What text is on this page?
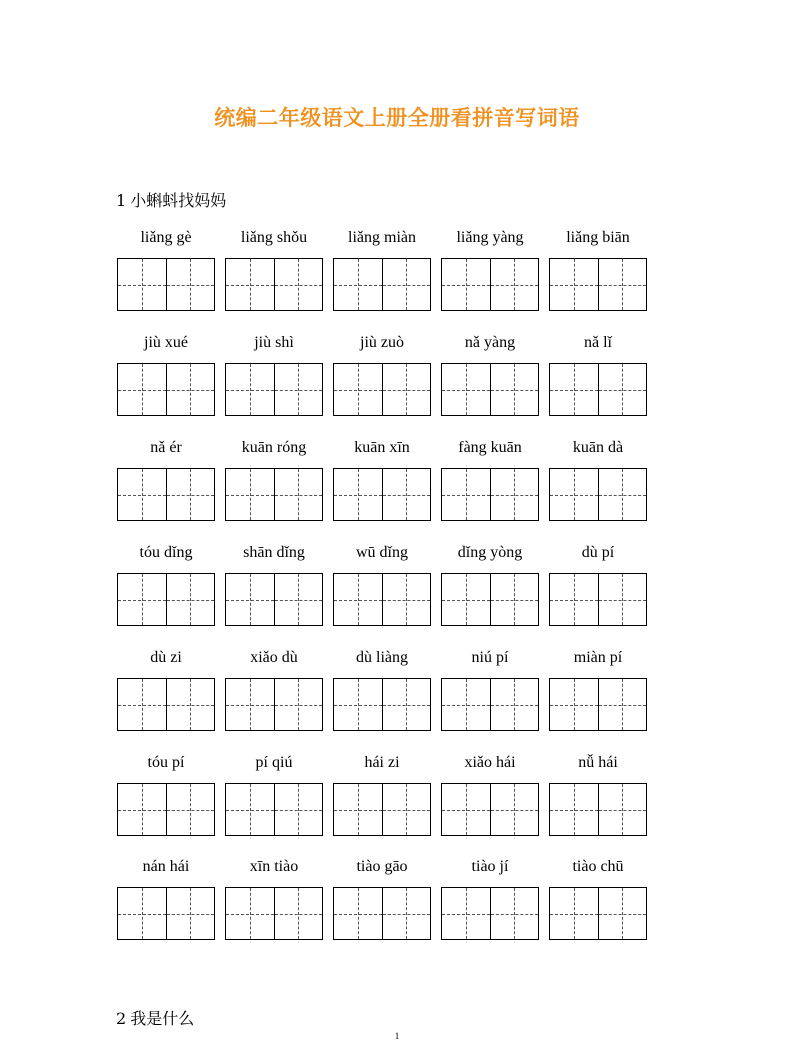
统编二年级语文上册全册看拼音写词语
1 小蝌蚪找妈妈
liǎng gè	liǎng shǒu	liǎng miàn	liǎng yàng	liǎng biān
jiù xué	jiù shì	jiù zuò	nǎ yàng	nǎ lǐ
nǎ ér	kuān róng	kuān xīn	fàng kuān	kuān dà
tóu dǐng	shān dǐng	wū dǐng	dǐng yòng	dù pí
dù zi	xiǎo dù	dù liàng	niú pí	miàn pí
tóu pí	pí qiú	hái zi	xiǎo hái	nǚ hái
nán hái	xīn tiào	tiào gāo	tiào jí	tiào chū
2 我是什么
1
